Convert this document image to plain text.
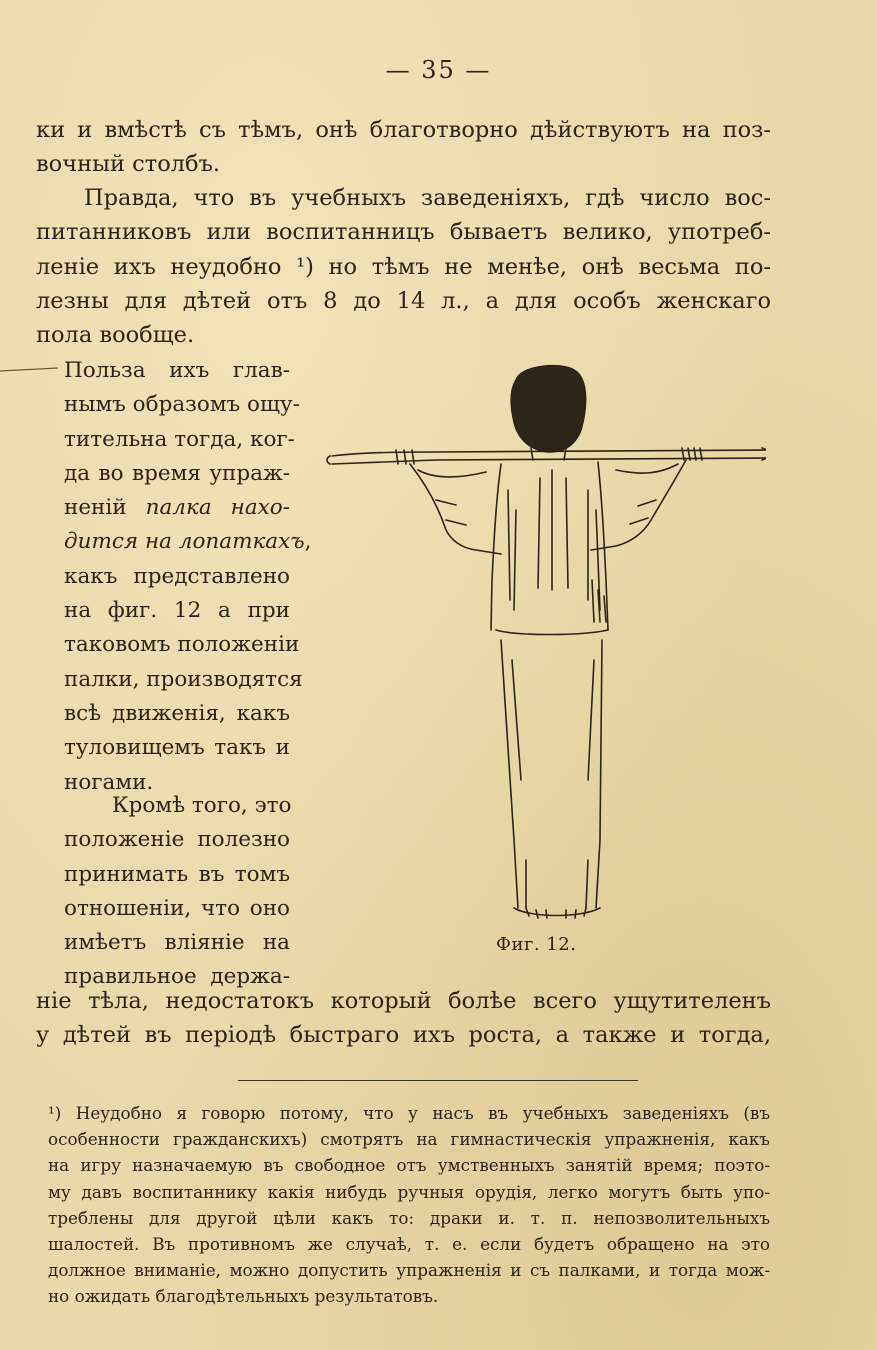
— 35 —

ки и вмѣстѣ съ тѣмъ, онѣ благотворно дѣйствуютъ на поз-
вочный столбъ.

Правда, что въ учебныхъ заведеніяхъ, гдѣ число вос-
питанниковъ или воспитанницъ бываетъ велико, употреб-
леніе ихъ неудобно ¹) но тѣмъ не менѣе, онѣ весьма по-
лезны для дѣтей отъ 8 до 14 л., а для особъ женскаго
пола вообще.

Польза ихъ глав-
нымъ образомъ ощу-
тительна тогда, ког-
да во время упраж-
неній палка нахо-
дится на лопаткахъ,
какъ представлено
на фиг. 12 а при
таковомъ положеніи
палки, производятся
всѣ движенія, какъ
туловищемъ такъ и
ногами.

Кромѣ того, это
положеніе полезно
принимать въ томъ
отношеніи, что оно
имѣетъ вліяніе на
правильное держа-

Фиг. 12.

ніе тѣла, недостатокъ который болѣе всего ущутителенъ
у дѣтей въ періодѣ быстраго ихъ роста, а также и тогда,

¹) Неудобно я говорю потому, что у насъ въ учебныхъ заведеніяхъ (въ
особенности гражданскихъ) смотрятъ на гимнастическія упражненія, какъ
на игру назначаемую въ свободное отъ умственныхъ занятій время; поэто-
му давъ воспитаннику какія нибудь ручныя орудія, легко могутъ быть упо-
треблены для другой цѣли какъ то: драки и. т. п. непозволительныхъ
шалостей. Въ противномъ же случаѣ, т. е. если будетъ обращено на это
должное вниманіе, можно допустить упражненія и съ палками, и тогда мож-
но ожидать благодѣтельныхъ результатовъ.
